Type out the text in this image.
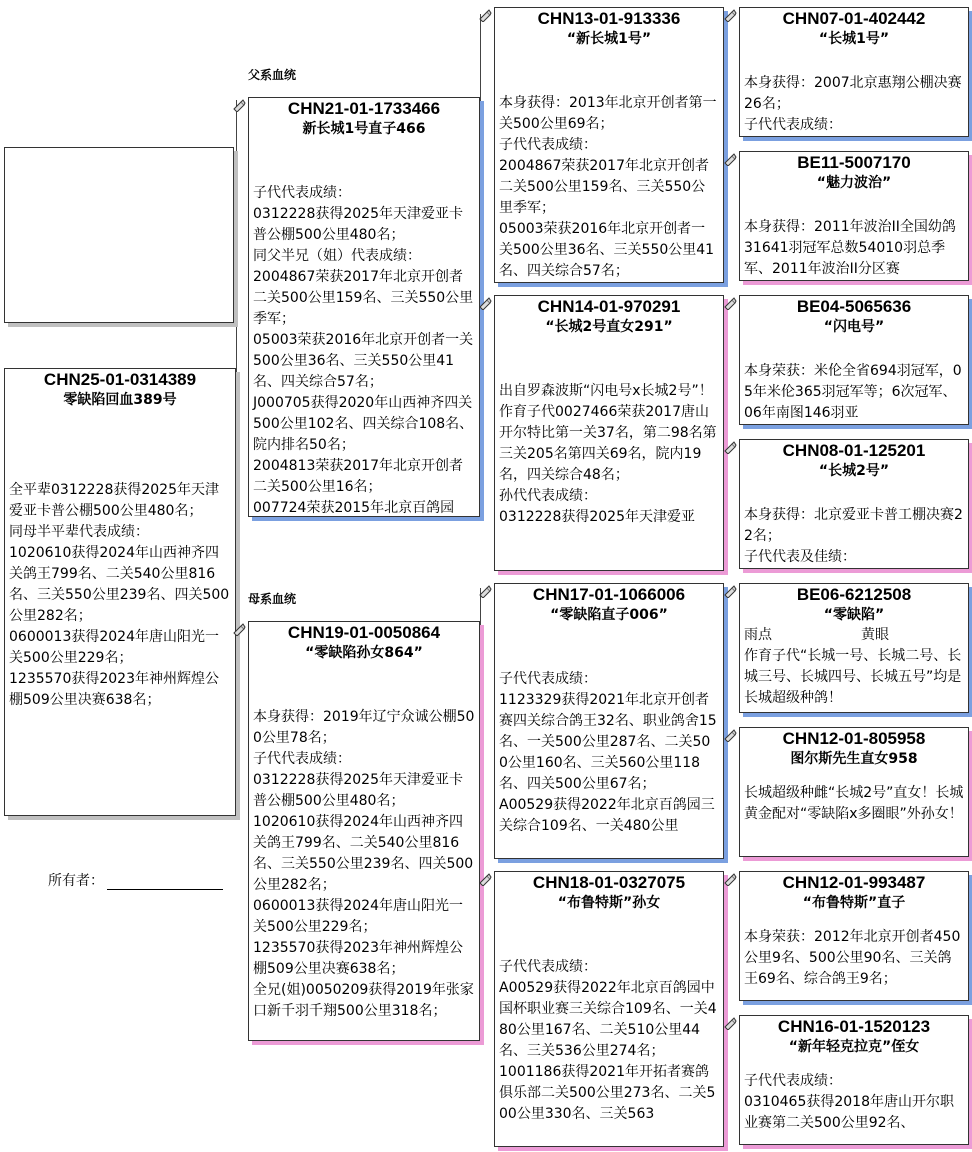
父系血统
母系血统
CHN25-01-0314389
零缺陷回血389号

全平辈0312228获得2025年天津爱亚卡普公棚500公里480名；
同母半平辈代表成绩：
1020610获得2024年山西神齐四关鸽王799名、二关540公里816名、三关550公里239名、四关500公里282名；
0600013获得2024年唐山阳光一关500公里229名；
1235570获得2023年神州辉煌公棚509公里决赛638名；

所有者：
CHN21-01-1733466
新长城1号直子466

子代代表成绩：
0312228获得2025年天津爱亚卡普公棚500公里480名；
同父半兄（姐）代表成绩：
2004867荣获2017年北京开创者二关500公里159名、三关550公里季军；
05003荣获2016年北京开创者一关500公里36名、三关550公里41名、四关综合57名；
J000705获得2020年山西神齐四关500公里102名、四关综合108名、院内排名50名；
2004813荣获2017年北京开创者二关500公里16名；
007724荣获2015年北京百鸽园

CHN19-01-0050864
“零缺陷孙女864”

本身获得：2019年辽宁众诚公棚500公里78名；
子代代表成绩：
0312228获得2025年天津爱亚卡普公棚500公里480名；
1020610获得2024年山西神齐四关鸽王799名、二关540公里816名、三关550公里239名、四关500公里282名；
0600013获得2024年唐山阳光一关500公里229名；
1235570获得2023年神州辉煌公棚509公里决赛638名；
全兄(姐)0050209获得2019年张家口新千羽千翔500公里318名；

CHN13-01-913336
“新长城1号”

本身获得：2013年北京开创者第一关500公里69名；
子代代表成绩：
2004867荣获2017年北京开创者二关500公里159名、三关550公里季军；
05003荣获2016年北京开创者一关500公里36名、三关550公里41名、四关综合57名；

CHN14-01-970291
“长城2号直女291”

出自罗森波斯“闪电号x长城2号”！
作育子代0027466荣获2017唐山开尔特比第一关37名，第二98名第三关205名第四关69名，院内19名，四关综合48名；
孙代代表成绩：
0312228获得2025年天津爱亚

CHN17-01-1066006
“零缺陷直子006”

子代代表成绩：
1123329获得2021年北京开创者赛四关综合鸽王32名、职业鸽舍15名、一关500公里287名、二关500公里160名、三关560公里118名、四关500公里67名；
A00529获得2022年北京百鸽园三关综合109名、一关480公里

CHN18-01-0327075
“布鲁特斯”孙女

子代代表成绩：
A00529获得2022年北京百鸽园中国杯职业赛三关综合109名、一关480公里167名、二关510公里44名、三关536公里274名；
1001186获得2021年开拓者赛鸽俱乐部二关500公里273名、二关500公里330名、三关563

CHN07-01-402442
“长城1号”

本身获得：2007北京惠翔公棚决赛26名；
子代代表成绩：

BE11-5007170
“魅力波治”

本身获得：2011年波治II全国幼鸽31641羽冠军总数54010羽总季军、2011年波治II分区赛

BE04-5065636
“闪电号”

本身荣获：米伦全省694羽冠军，05年米伦365羽冠军等；6次冠军、06年南图146羽亚

CHN08-01-125201
“长城2号”

本身获得：北京爱亚卡普工棚决赛22名；
子代代表及佳绩：

BE06-6212508
“零缺陷”

雨点                    黄眼
作育子代“长城一号、长城二号、长城三号、长城四号、长城五号”均是长城超级种鸽！

CHN12-01-805958
图尔斯先生直女958

长城超级种雌“长城2号”直女！长城黄金配对“零缺陷x多圈眼”外孙女！

CHN12-01-993487
“布鲁特斯”直子

本身荣获：2012年北京开创者450公里9名、500公里90名、三关鸽王69名、综合鸽王9名；

CHN16-01-1520123
“新年轻克拉克”侄女

子代代表成绩：
0310465获得2018年唐山开尔职业赛第二关500公里92名、
